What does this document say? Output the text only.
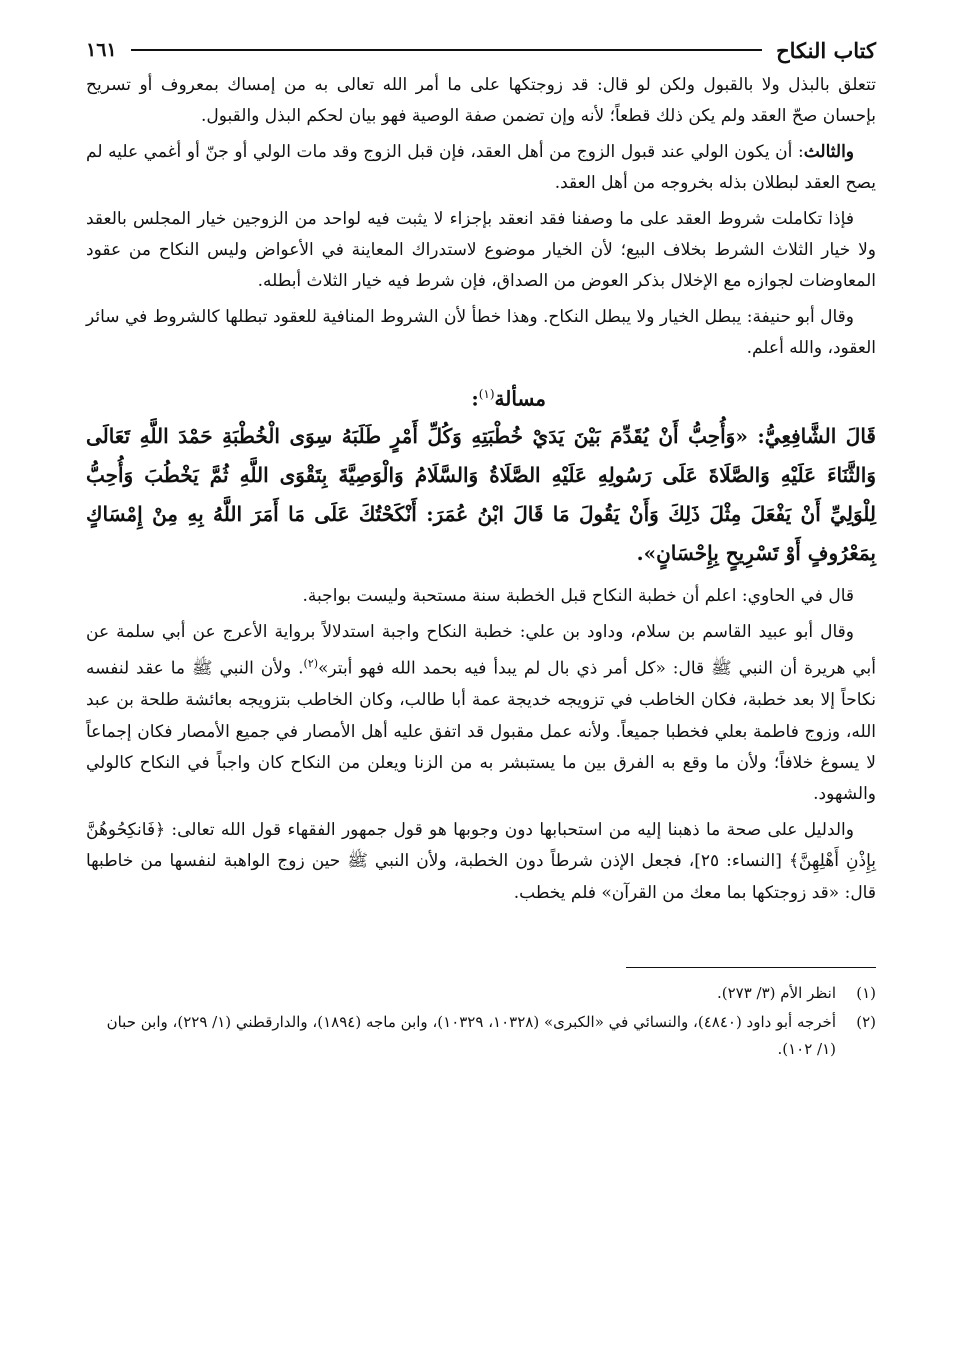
كتاب النكاح
١٦١

تتعلق بالبذل ولا بالقبول ولكن لو قال: قد زوجتكها على ما أمر الله تعالى به من إمساك بمعروف أو تسريح بإحسان صحّ العقد ولم يكن ذلك قطعاً؛ لأنه وإن تضمن صفة الوصية فهو بيان لحكم البذل والقبول.

والثالث: أن يكون الولي عند قبول الزوج من أهل العقد، فإن قبل الزوج وقد مات الولي أو جنّ أو أغمي عليه لم يصح العقد لبطلان بذله بخروجه من أهل العقد.

فإذا تكاملت شروط العقد على ما وصفنا فقد انعقد بإجزاء لا يثبت فيه لواحد من الزوجين خيار المجلس بالعقد ولا خيار الثلاث الشرط بخلاف البيع؛ لأن الخيار موضوع لاستدراك المعاينة في الأعواض وليس النكاح من عقود المعاوضات لجوازه مع الإخلال بذكر العوض من الصداق، فإن شرط فيه خيار الثلاث أبطله.

وقال أبو حنيفة: يبطل الخيار ولا يبطل النكاح. وهذا خطأ لأن الشروط المنافية للعقود تبطلها كالشروط في سائر العقود، والله أعلم.

مسألة$^{(١)}$:
قَالَ الشَّافِعِيُّ: «وَأُحِبُّ أَنْ يُقَدِّمَ بَيْنَ يَدَيْ خُطْبَتِهِ وَكُلِّ أَمْرٍ طَلَبَهُ سِوَى الْخُطْبَةِ حَمْدَ اللَّهِ تَعَالَى وَالثَّنَاءَ عَلَيْهِ وَالصَّلَاةَ عَلَى رَسُولِهِ عَلَيْهِ الصَّلَاةُ وَالسَّلَامُ وَالْوَصِيَّةَ بِتَقْوَى اللَّهِ ثُمَّ يَخْطُبَ وَأُحِبُّ لِلْوَلِيِّ أَنْ يَفْعَلَ مِثْلَ ذَلِكَ وَأَنْ يَقُولَ مَا قَالَ ابْنُ عُمَرَ: أَنْكَحْتُكَ عَلَى مَا أَمَرَ اللَّهُ بِهِ مِنْ إِمْسَاكٍ بِمَعْرُوفٍ أَوْ تَسْرِيحٍ بِإِحْسَانٍ».

قال في الحاوي: اعلم أن خطبة النكاح قبل الخطبة سنة مستحبة وليست بواجبة.

وقال أبو عبيد القاسم بن سلام، وداود بن علي: خطبة النكاح واجبة استدلالاً برواية الأعرج عن أبي سلمة عن أبي هريرة أن النبي ﷺ قال: «كل أمر ذي بال لم يبدأ فيه بحمد الله فهو أبتر»$^{(٢)}$. ولأن النبي ﷺ ما عقد لنفسه نكاحاً إلا بعد خطبة، فكان الخاطب في تزويجه خديجة عمة أبا طالب، وكان الخاطب بتزويجه بعائشة طلحة بن عبد الله، وزوج فاطمة بعلي فخطبا جميعاً. ولأنه عمل مقبول قد اتفق عليه أهل الأمصار في جميع الأمصار فكان إجماعاً لا يسوغ خلافاً؛ ولأن ما وقع به الفرق بين ما يستبشر به من الزنا ويعلن من النكاح كان واجباً في النكاح كالولي والشهود.

والدليل على صحة ما ذهبنا إليه من استحبابها دون وجوبها هو قول جمهور الفقهاء قول الله تعالى: ﴿فَانكِحُوهُنَّ بِإِذْنِ أَهْلِهِنَّ﴾ [النساء: ٢٥]، فجعل الإذن شرطاً دون الخطبة، ولأن النبي ﷺ حين زوج الواهبة لنفسها من خاطبها قال: «قد زوجتكها بما معك من القرآن» فلم يخطب.

(١)
انظر الأم (٣/ ٢٧٣).
(٢)
أخرجه أبو داود (٤٨٤٠)، والنسائي في «الكبرى» (١٠٣٢٨، ١٠٣٢٩)، وابن ماجه (١٨٩٤)، والدارقطني (١/ ٢٢٩)، وابن حبان (١/ ١٠٢).
